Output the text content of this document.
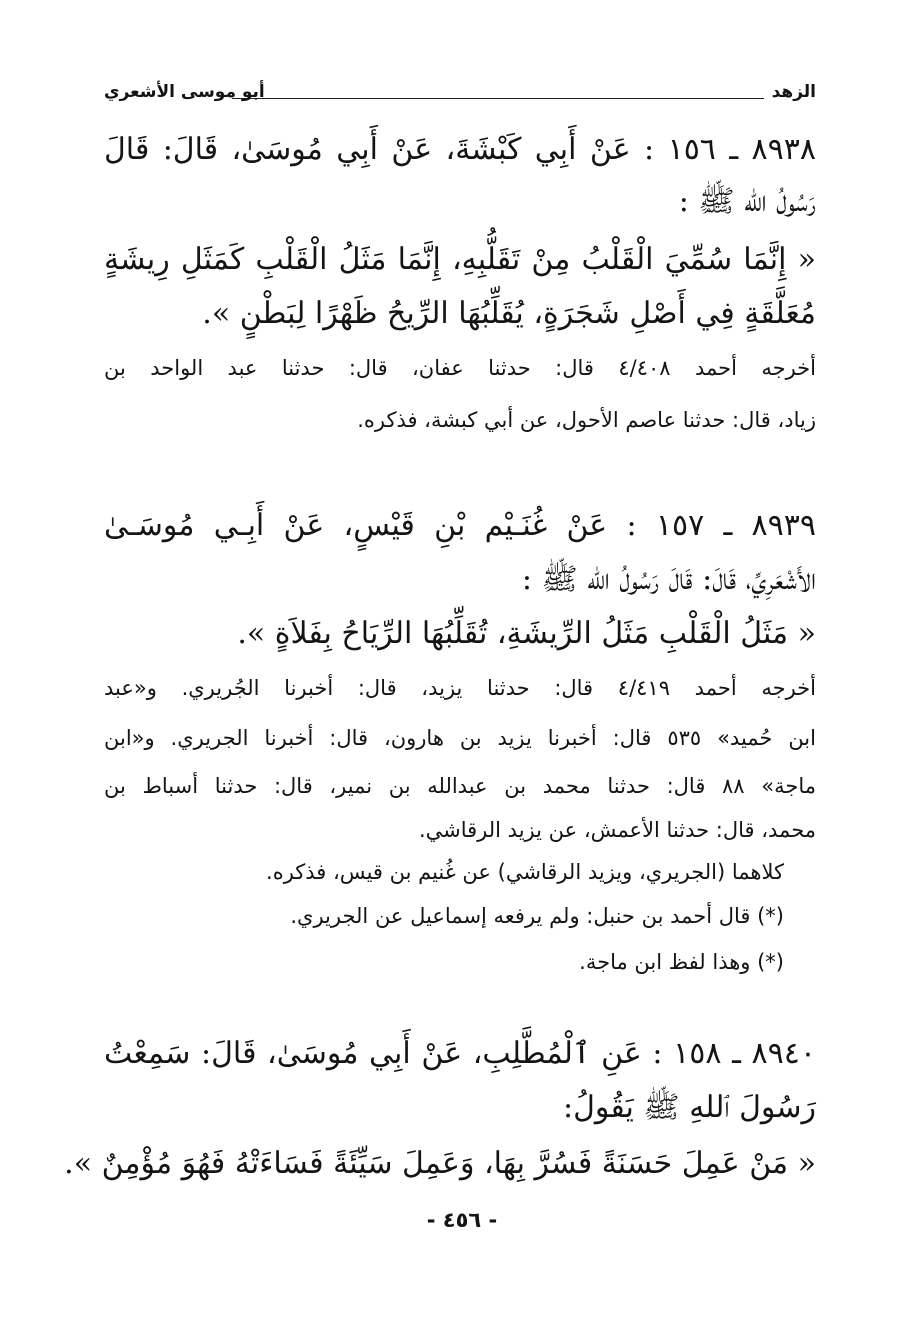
الزهد
أبو موسى الأشعري

٨٩٣٨ ـ ١٥٦ : عَنْ أَبِي كَبْشَةَ، عَنْ أَبِي مُوسَىٰ، قَالَ: قَالَ

رَسُولُ الله ﷺ :

« إِنَّمَا سُمِّيَ الْقَلْبُ مِنْ تَقَلُّبِهِ، إِنَّمَا مَثَلُ الْقَلْبِ كَمَثَلِ رِيشَةٍ

مُعَلَّقَةٍ فِي أَصْلِ شَجَرَةٍ، يُقَلِّبُهَا الرِّيحُ ظَهْرًا لِبَطْنٍ ».

أخرجه أحمد ٤/٤٠٨ قال: حدثنا عفان، قال: حدثنا عبد الواحد بن

زياد، قال: حدثنا عاصم الأحول، عن أبي كبشة، فذكره.

٨٩٣٩ ـ ١٥٧ : عَنْ غُنَـيْم بْنِ قَيْسٍ، عَنْ أَبِـي مُوسَـىٰ

الأَشْعَرِيِّ، قَالَ: قَالَ رَسُولُ الله ﷺ :

« مَثَلُ الْقَلْبِ مَثَلُ الرِّيشَةِ، تُقَلِّبُهَا الرِّيَاحُ بِفَلاَةٍ ».

أخرجه أحمد ٤/٤١٩ قال: حدثنا يزيد، قال: أخبرنا الجُريري. و«عبد

ابن حُميد» ٥٣٥ قال: أخبرنا يزيد بن هارون، قال: أخبرنا الجريري. و«ابن

ماجة» ٨٨ قال: حدثنا محمد بن عبدالله بن نمير، قال: حدثنا أسباط بن

محمد، قال: حدثنا الأعمش، عن يزيد الرقاشي.

كلاهما (الجريري، ويزيد الرقاشي) عن غُنيم بن قيس، فذكره.

(*) قال أحمد بن حنبل: ولم يرفعه إسماعيل عن الجريري.

(*) وهذا لفظ ابن ماجة.

٨٩٤٠ ـ ١٥٨ : عَنِ ٱلْمُطَّلِبِ، عَنْ أَبِي مُوسَىٰ، قَالَ: سَمِعْتُ

رَسُولَ ٱللهِ ﷺ يَقُولُ:

« مَنْ عَمِلَ حَسَنَةً فَسُرَّ بِهَا، وَعَمِلَ سَيِّئَةً فَسَاءَتْهُ فَهُوَ مُؤْمِنٌ ».

- ٤٥٦ -
